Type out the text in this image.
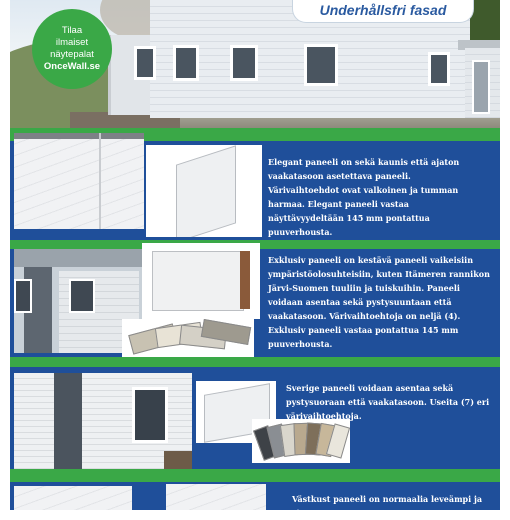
Tilaa
ilmaiset
näytepalat
OnceWall.se
Underhållsfri fasad
Elegant paneeli on sekä kaunis että ajaton vaakatasoon asetettava paneeli. Värivaihtoehdot ovat valkoinen ja tumman harmaa. Elegant paneeli vastaa näyttävyydeltään 145 mm pontattua puuverhousta.
Exklusiv paneeli on kestävä paneeli vaikeisiin ympäristöolosuhteisiin, kuten Itämeren rannikon Järvi-Suomen tuuliin ja tuiskuihin. Paneeli voidaan asentaa sekä pystysuuntaan että vaakatasoon. Värivaihtoehtoja on neljä (4). Exklusiv paneeli vastaa pontattua 145 mm puuverhousta.
Sverige paneeli voidaan asentaa sekä pystysuoraan että vaakatasoon. Useita (7) eri värivaihtoehtoja.
Västkust paneeli on normaalia leveämpi ja siten nopea
